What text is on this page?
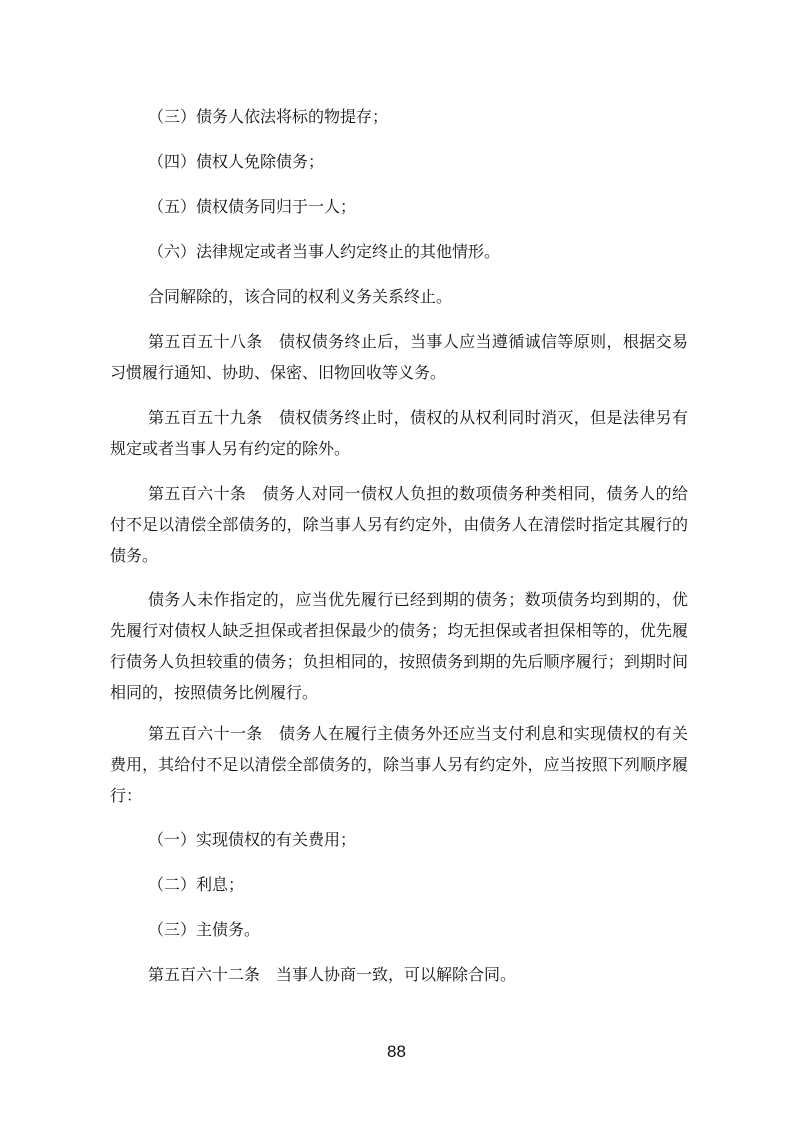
（三）债务人依法将标的物提存；

（四）债权人免除债务；

（五）债权债务同归于一人；

（六）法律规定或者当事人约定终止的其他情形。

合同解除的，该合同的权利义务关系终止。

第五百五十八条　债权债务终止后，当事人应当遵循诚信等原则，根据交易习惯履行通知、协助、保密、旧物回收等义务。

第五百五十九条　债权债务终止时，债权的从权利同时消灭，但是法律另有规定或者当事人另有约定的除外。

第五百六十条　债务人对同一债权人负担的数项债务种类相同，债务人的给付不足以清偿全部债务的，除当事人另有约定外，由债务人在清偿时指定其履行的债务。

债务人未作指定的，应当优先履行已经到期的债务；数项债务均到期的，优先履行对债权人缺乏担保或者担保最少的债务；均无担保或者担保相等的，优先履行债务人负担较重的债务；负担相同的，按照债务到期的先后顺序履行；到期时间相同的，按照债务比例履行。

第五百六十一条　债务人在履行主债务外还应当支付利息和实现债权的有关费用，其给付不足以清偿全部债务的，除当事人另有约定外，应当按照下列顺序履行：

（一）实现债权的有关费用；

（二）利息；

（三）主债务。

第五百六十二条　当事人协商一致，可以解除合同。

88
